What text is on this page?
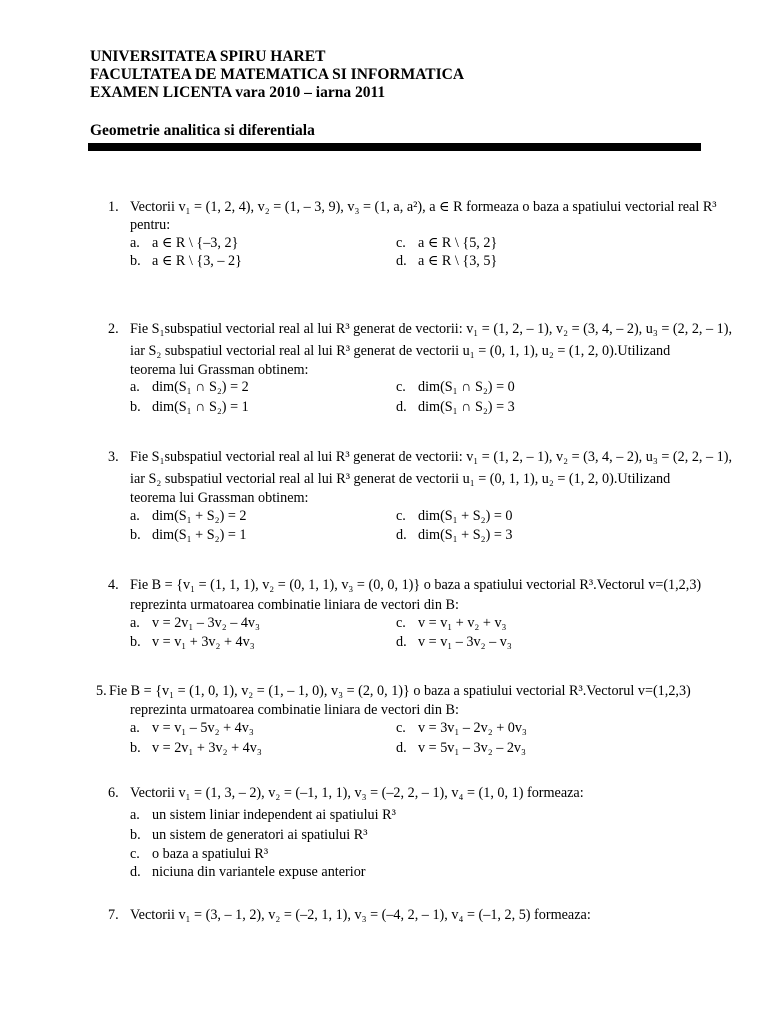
UNIVERSITATEA SPIRU HARET
FACULTATEA DE MATEMATICA SI INFORMATICA
EXAMEN LICENTA vara 2010 – iarna 2011
Geometrie analitica si diferentiala
1. Vectorii v₁ = (1, 2, 4), v₂ = (1, – 3, 9), v₃ = (1, a, a²), a ∈ R formeaza o baza a spatiului vectorial real R³
pentru:
a. a ∈ R \ {–3, 2}	c. a ∈ R \ {5, 2}
b. a ∈ R \ {3, – 2}	d. a ∈ R \ {3, 5}
2. Fie S₁subspatiul vectorial real al lui R³ generat de vectorii: v₁ = (1, 2, – 1), v₂ = (3, 4, – 2), u₃ = (2, 2, – 1),
iar S₂ subspatiul vectorial real al lui R³ generat de vectorii u₁ = (0, 1, 1), u₂ = (1, 2, 0).Utilizand
teorema lui Grassman obtinem:
a. dim(S₁ ∩ S₂) = 2	c. dim(S₁ ∩ S₂) = 0
b. dim(S₁ ∩ S₂) = 1	d. dim(S₁ ∩ S₂) = 3
3. Fie S₁subspatiul vectorial real al lui R³ generat de vectorii: v₁ = (1, 2, – 1), v₂ = (3, 4, – 2), u₃ = (2, 2, – 1),
iar S₂ subspatiul vectorial real al lui R³ generat de vectorii u₁ = (0, 1, 1), u₂ = (1, 2, 0).Utilizand
teorema lui Grassman obtinem:
a. dim(S₁ + S₂) = 2	c. dim(S₁ + S₂) = 0
b. dim(S₁ + S₂) = 1	d. dim(S₁ + S₂) = 3
4. Fie B = {v₁ = (1, 1, 1), v₂ = (0, 1, 1), v₃ = (0, 0, 1)} o baza a spatiului vectorial R³.Vectorul v=(1,2,3)
reprezinta urmatoarea combinatie liniara de vectori din B:
a. v = 2v₁ – 3v₂ – 4v₃	c. v = v₁ + v₂ + v₃
b. v = v₁ + 3v₂ + 4v₃	d. v = v₁ – 3v₂ – v₃
5. Fie B = {v₁ = (1, 0, 1), v₂ = (1, – 1, 0), v₃ = (2, 0, 1)} o baza a spatiului vectorial R³.Vectorul v=(1,2,3)
reprezinta urmatoarea combinatie liniara de vectori din B:
a. v = v₁ – 5v₂ + 4v₃	c. v = 3v₁ – 2v₂ + 0v₃
b. v = 2v₁ + 3v₂ + 4v₃	d. v = 5v₁ – 3v₂ – 2v₃
6. Vectorii v₁ = (1, 3, – 2), v₂ = (–1, 1, 1), v₃ = (–2, 2, – 1), v₄ = (1, 0, 1) formeaza:
a. un sistem liniar independent ai spatiului R³
b. un sistem de generatori ai spatiului R³
c. o baza a spatiului R³
d. niciuna din variantele expuse anterior
7. Vectorii v₁ = (3, – 1, 2), v₂ = (–2, 1, 1), v₃ = (–4, 2, – 1), v₄ = (–1, 2, 5) formeaza:
